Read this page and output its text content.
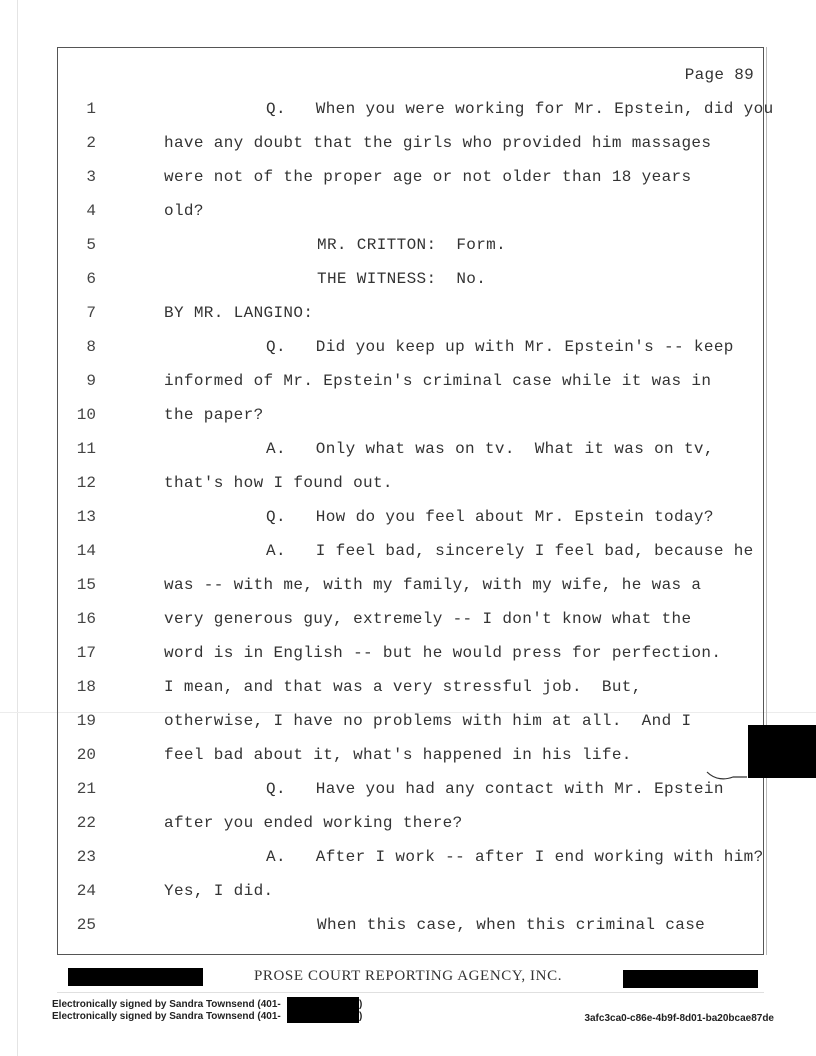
Page 89
1	Q.   When you were working for Mr. Epstein, did you
2	have any doubt that the girls who provided him massages
3	were not of the proper age or not older than 18 years
4	old?
5	MR. CRITTON:  Form.
6	THE WITNESS:  No.
7	BY MR. LANGINO:
8	Q.   Did you keep up with Mr. Epstein's -- keep
9	informed of Mr. Epstein's criminal case while it was in
10	the paper?
11	A.   Only what was on tv.  What it was on tv,
12	that's how I found out.
13	Q.   How do you feel about Mr. Epstein today?
14	A.   I feel bad, sincerely I feel bad, because he
15	was -- with me, with my family, with my wife, he was a
16	very generous guy, extremely -- I don't know what the
17	word is in English -- but he would press for perfection.
18	I mean, and that was a very stressful job.  But,
19	otherwise, I have no problems with him at all.  And I
20	feel bad about it, what's happened in his life.
21	Q.   Have you had any contact with Mr. Epstein
22	after you ended working there?
23	A.   After I work -- after I end working with him?
24	Yes, I did.
25	When this case, when this criminal case
PROSE COURT REPORTING AGENCY, INC.
Electronically signed by Sandra Townsend (401-
Electronically signed by Sandra Townsend (401-
)
)	3afc3ca0-c86e-4b9f-8d01-ba20bcae87de
